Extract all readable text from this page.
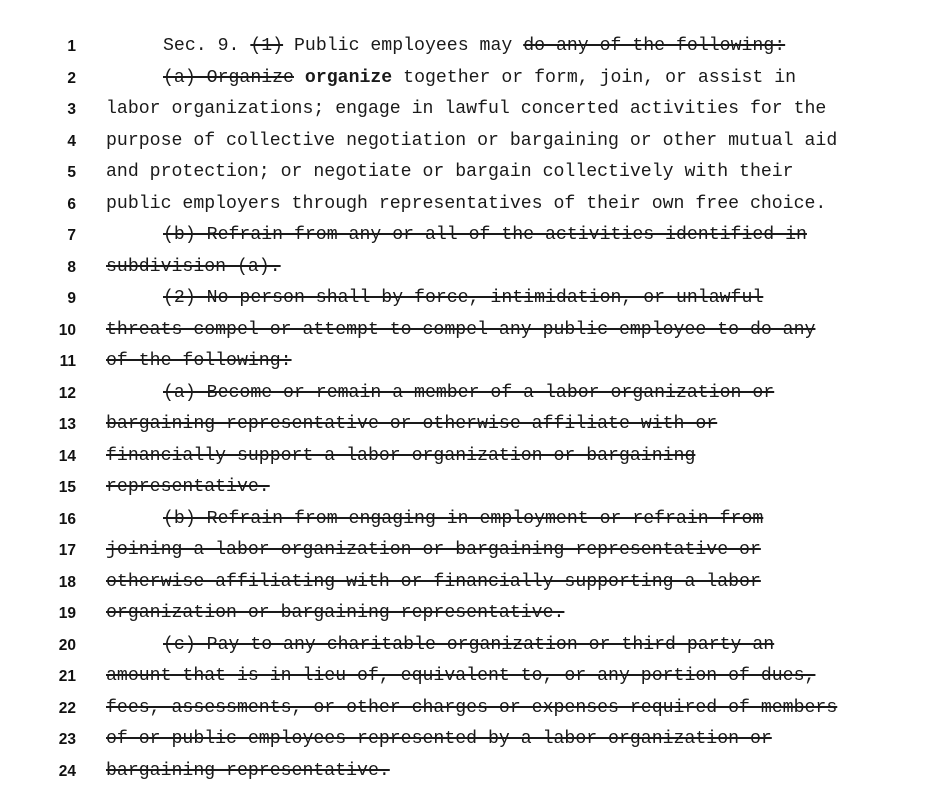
1	Sec. 9. (1) Public employees may do any of the following:
2	(a) Organize organize together or form, join, or assist in
3 labor organizations; engage in lawful concerted activities for the
4 purpose of collective negotiation or bargaining or other mutual aid
5 and protection; or negotiate or bargain collectively with their
6 public employers through representatives of their own free choice.
7	(b) Refrain from any or all of the activities identified in
8 subdivision (a).
9	(2) No person shall by force, intimidation, or unlawful
10 threats compel or attempt to compel any public employee to do any
11 of the following:
12	(a) Become or remain a member of a labor organization or
13 bargaining representative or otherwise affiliate with or
14 financially support a labor organization or bargaining
15 representative.
16	(b) Refrain from engaging in employment or refrain from
17 joining a labor organization or bargaining representative or
18 otherwise affiliating with or financially supporting a labor
19 organization or bargaining representative.
20	(c) Pay to any charitable organization or third party an
21 amount that is in lieu of, equivalent to, or any portion of dues,
22 fees, assessments, or other charges or expenses required of members
23 of or public employees represented by a labor organization or
24 bargaining representative.
